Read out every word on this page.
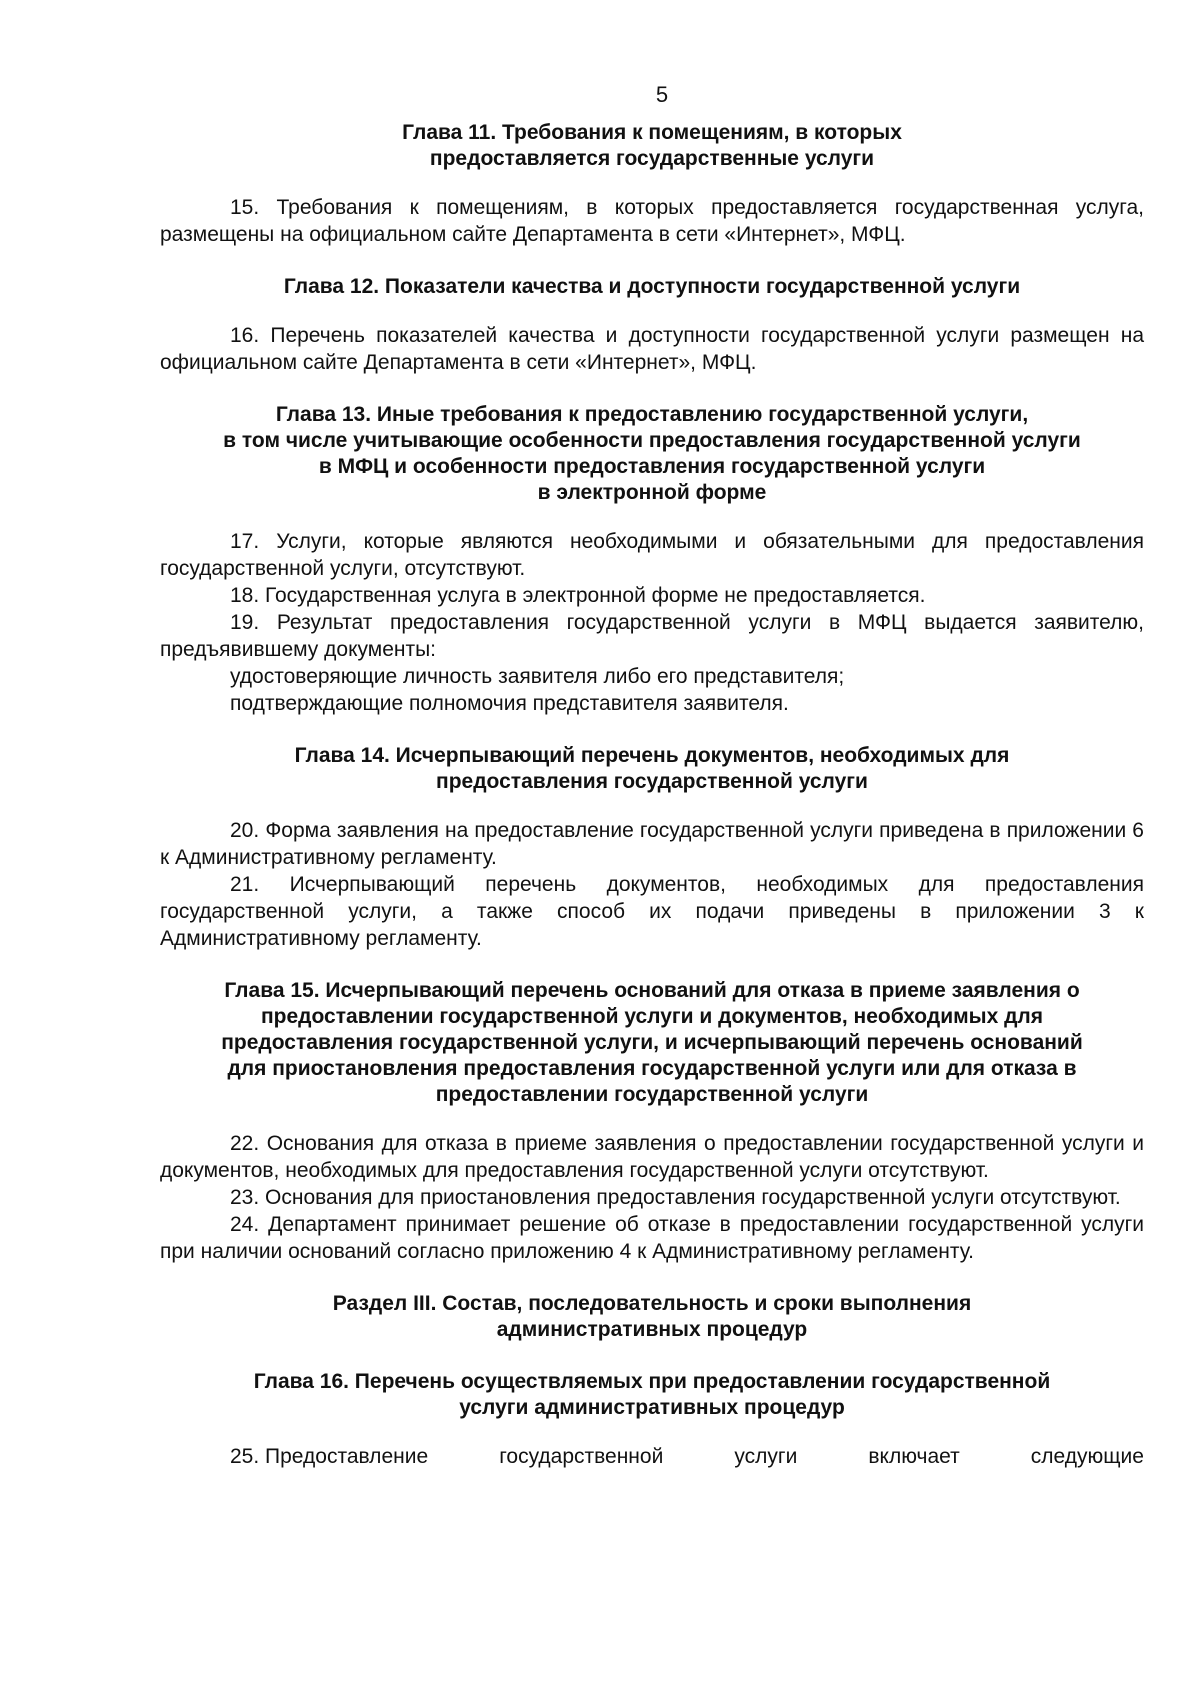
5
Глава 11. Требования к помещениям, в которых
предоставляется государственные услуги

15. Требования к помещениям, в которых предоставляется государственная услуга, размещены на официальном сайте Департамента в сети «Интернет», МФЦ.

Глава 12. Показатели качества и доступности государственной услуги

16. Перечень показателей качества и доступности государственной услуги размещен на официальном сайте Департамента в сети «Интернет», МФЦ.

Глава 13. Иные требования к предоставлению государственной услуги,
в том числе учитывающие особенности предоставления государственной услуги
в МФЦ и особенности предоставления государственной услуги
в электронной форме

17. Услуги, которые являются необходимыми и обязательными для предоставления государственной услуги, отсутствуют.

18. Государственная услуга в электронной форме не предоставляется.

19. Результат предоставления государственной услуги в МФЦ выдается заявителю, предъявившему документы:

удостоверяющие личность заявителя либо его представителя;

подтверждающие полномочия представителя заявителя.

Глава 14. Исчерпывающий перечень документов, необходимых для
предоставления государственной услуги

20. Форма заявления на предоставление государственной услуги приведена в приложении 6 к Административному регламенту.

21. Исчерпывающий перечень документов, необходимых для предоставления государственной услуги, а также способ их подачи приведены в приложении 3 к Административному регламенту.

Глава 15. Исчерпывающий перечень оснований для отказа в приеме заявления о
предоставлении государственной услуги и документов, необходимых для
предоставления государственной услуги, и исчерпывающий перечень оснований
для приостановления предоставления государственной услуги или для отказа в
предоставлении государственной услуги

22. Основания для отказа в приеме заявления о предоставлении государственной услуги и документов, необходимых для предоставления государственной услуги отсутствуют.

23. Основания для приостановления предоставления государственной услуги отсутствуют.

24. Департамент принимает решение об отказе в предоставлении государственной услуги при наличии оснований согласно приложению 4 к Административному регламенту.

Раздел III. Состав, последовательность и сроки выполнения
административных процедур
Глава 16. Перечень осуществляемых при предоставлении государственной
услуги административных процедур
25. Предоставление	государственной	услуги	включает	следующие
